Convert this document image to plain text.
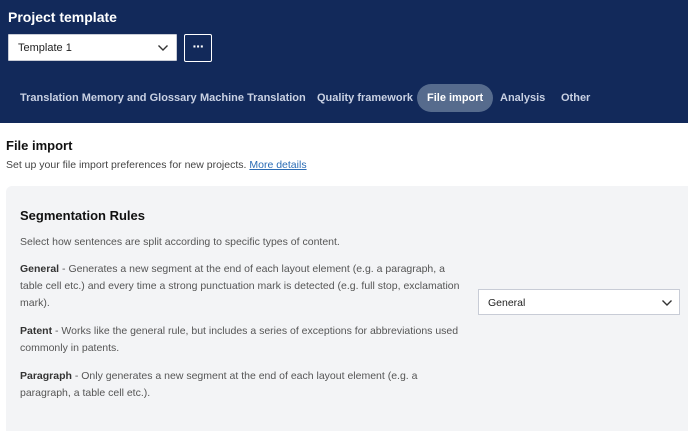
Project template
Template 1	···
Translation Memory and Glossary Machine Translation Quality framework	File import	Analysis Other
File import
Set up your file import preferences for new projects. More details
Segmentation Rules
Select how sentences are split according to specific types of content.
General - Generates a new segment at the end of each layout element (e.g. a paragraph, a table cell etc.) and every time a strong punctuation mark is detected (e.g. full stop, exclamation mark).
Patent - Works like the general rule, but includes a series of exceptions for abbreviations used commonly in patents.
Paragraph - Only generates a new segment at the end of each layout element (e.g. a paragraph, a table cell etc.).
General
